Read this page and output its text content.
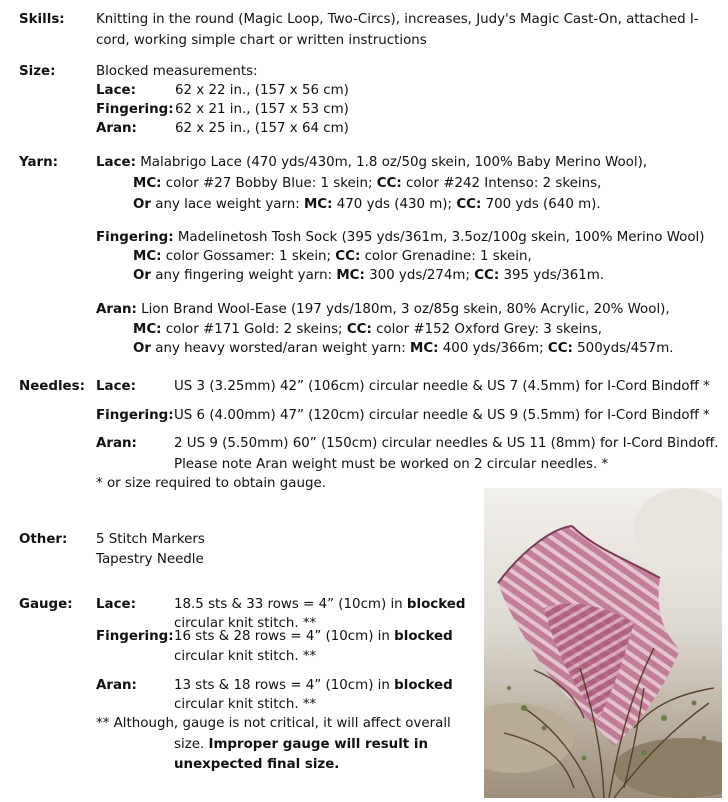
Skills: Knitting in the round (Magic Loop, Two-Circs), increases, Judy's Magic Cast-On, attached I-
cord, working simple chart or written instructions
Size:	Blocked measurements:
Lace:	62 x 22 in., (157 x 56 cm)
Fingering: 62 x 21 in., (157 x 53 cm)
Aran:	62 x 25 in., (157 x 64 cm)
Yarn:	Lace: Malabrigo Lace (470 yds/430m, 1.8 oz/50g skein, 100% Baby Merino Wool),
MC: color #27 Bobby Blue: 1 skein; CC: color #242 Intenso: 2 skeins,
Or any lace weight yarn: MC: 470 yds (430 m); CC: 700 yds (640 m).
Fingering: Madelinetosh Tosh Sock (395 yds/361m, 3.5oz/100g skein, 100% Merino Wool)
MC: color Gossamer: 1 skein; CC: color Grenadine: 1 skein,
Or any fingering weight yarn: MC: 300 yds/274m; CC: 395 yds/361m.
Aran: Lion Brand Wool-Ease (197 yds/180m, 3 oz/85g skein, 80% Acrylic, 20% Wool),
MC: color #171 Gold: 2 skeins; CC: color #152 Oxford Grey: 3 skeins,
Or any heavy worsted/aran weight yarn: MC: 400 yds/366m; CC: 500yds/457m.
Needles: Lace:	US 3 (3.25mm) 42” (106cm) circular needle & US 7 (4.5mm) for I-Cord Bindoff *
Fingering: US 6 (4.00mm) 47” (120cm) circular needle & US 9 (5.5mm) for I-Cord Bindoff *
Aran:	2 US 9 (5.50mm) 60” (150cm) circular needles & US 11 (8mm) for I-Cord Bindoff.
Please note Aran weight must be worked on 2 circular needles. *
* or size required to obtain gauge.
Other: 5 Stitch Markers
Tapestry Needle
Gauge: Lace:	18.5 sts & 33 rows = 4” (10cm) in blocked
circular knit stitch. **
Fingering: 16 sts & 28 rows = 4” (10cm) in blocked
circular knit stitch. **
Aran:	13 sts & 18 rows = 4” (10cm) in blocked
circular knit stitch. **
** Although, gauge is not critical, it will affect overall
size. Improper gauge will result in
unexpected final size.
